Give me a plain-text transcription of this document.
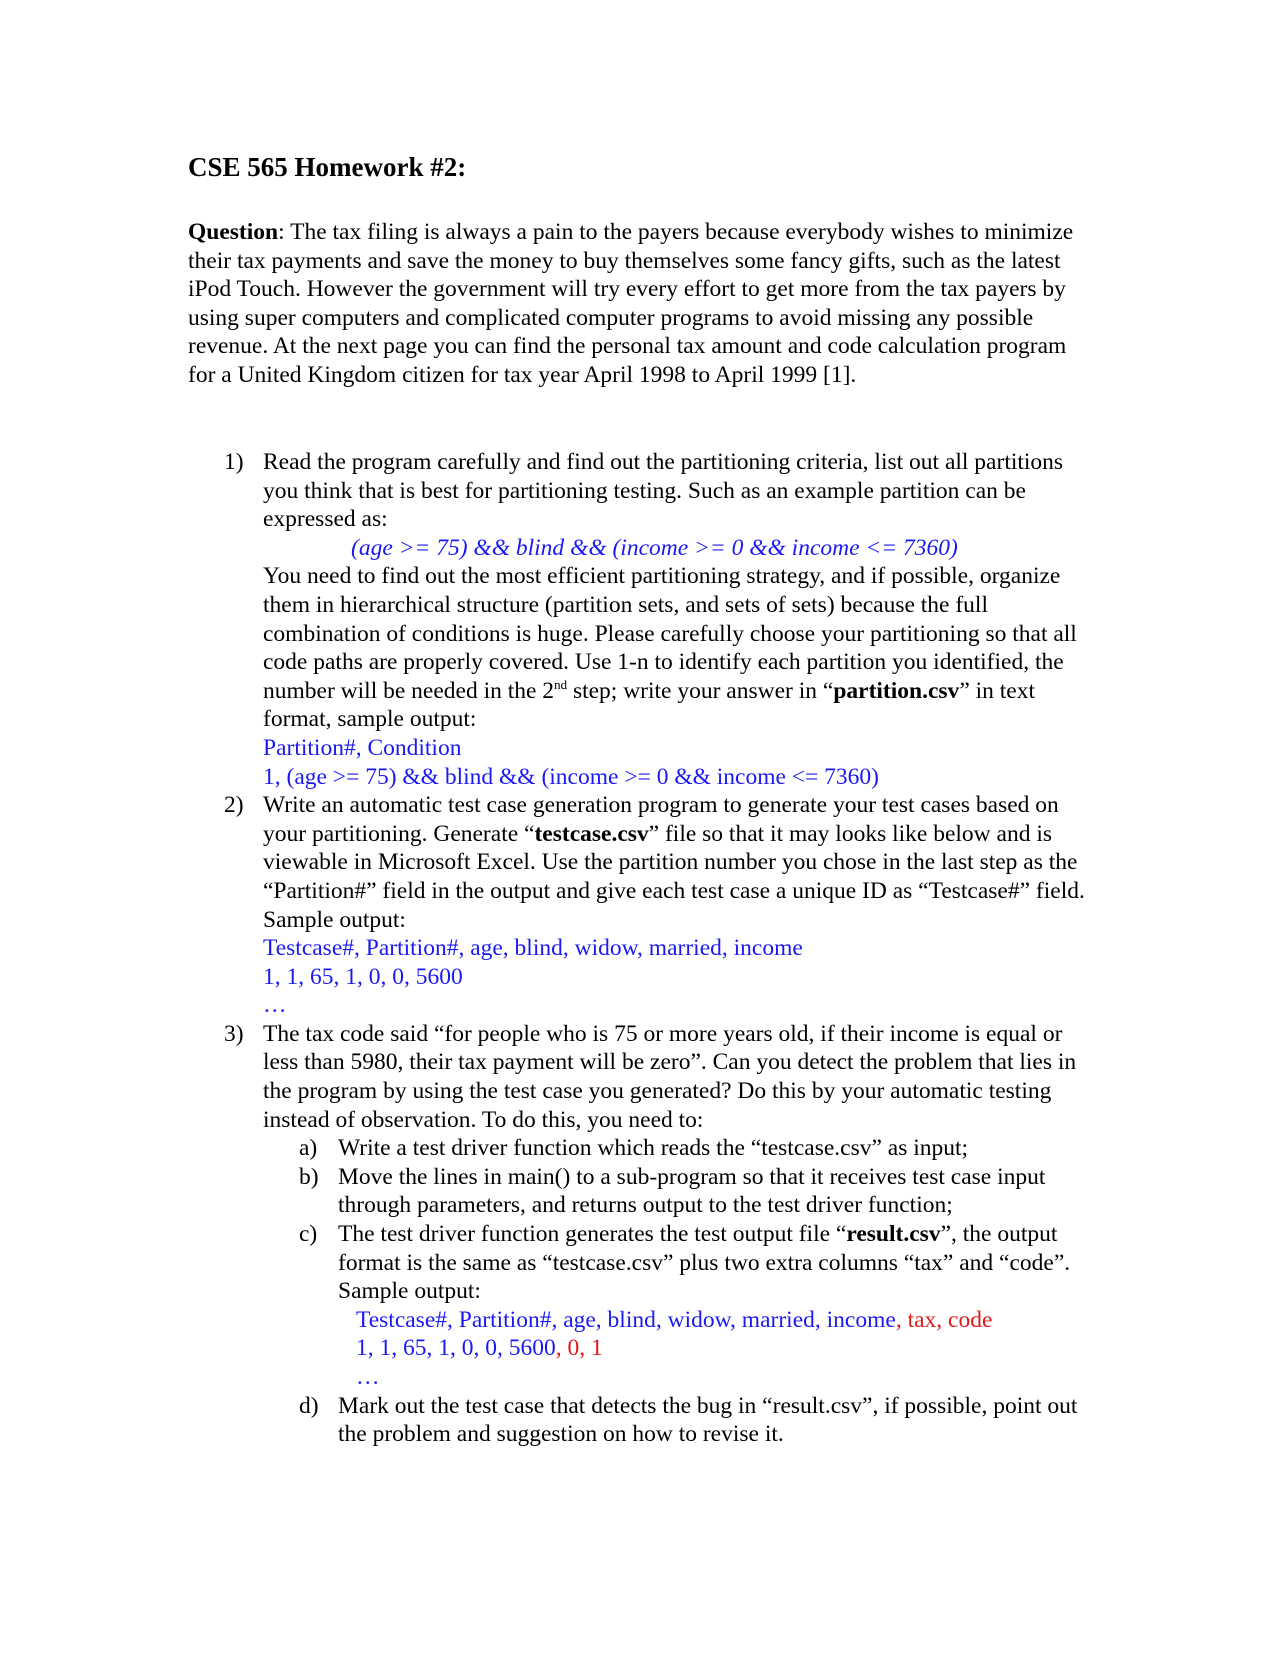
CSE 565 Homework #2:
Question: The tax filing is always a pain to the payers because everybody wishes to minimize their tax payments and save the money to buy themselves some fancy gifts, such as the latest iPod Touch. However the government will try every effort to get more from the tax payers by using super computers and complicated computer programs to avoid missing any possible revenue. At the next page you can find the personal tax amount and code calculation program for a United Kingdom citizen for tax year April 1998 to April 1999 [1].
1) Read the program carefully and find out the partitioning criteria, list out all partitions you think that is best for partitioning testing. Such as an example partition can be expressed as:
(age >= 75) && blind && (income >= 0 && income <= 7360)
You need to find out the most efficient partitioning strategy, and if possible, organize them in hierarchical structure (partition sets, and sets of sets) because the full combination of conditions is huge. Please carefully choose your partitioning so that all code paths are properly covered. Use 1-n to identify each partition you identified, the number will be needed in the 2nd step; write your answer in “partition.csv” in text format, sample output:
Partition#, Condition
1, (age >= 75) && blind && (income >= 0 && income <= 7360)
2) Write an automatic test case generation program to generate your test cases based on your partitioning. Generate “testcase.csv” file so that it may looks like below and is viewable in Microsoft Excel. Use the partition number you chose in the last step as the “Partition#” field in the output and give each test case a unique ID as “Testcase#” field. Sample output:
Testcase#, Partition#, age, blind, widow, married, income
1, 1, 65, 1, 0, 0, 5600
…
3) The tax code said “for people who is 75 or more years old, if their income is equal or less than 5980, their tax payment will be zero”. Can you detect the problem that lies in the program by using the test case you generated? Do this by your automatic testing instead of observation. To do this, you need to:
a) Write a test driver function which reads the “testcase.csv” as input;
b) Move the lines in main() to a sub-program so that it receives test case input through parameters, and returns output to the test driver function;
c) The test driver function generates the test output file “result.csv”, the output format is the same as “testcase.csv” plus two extra columns “tax” and “code”. Sample output:
Testcase#, Partition#, age, blind, widow, married, income, tax, code
1, 1, 65, 1, 0, 0, 5600, 0, 1
…
d) Mark out the test case that detects the bug in “result.csv”, if possible, point out the problem and suggestion on how to revise it.
